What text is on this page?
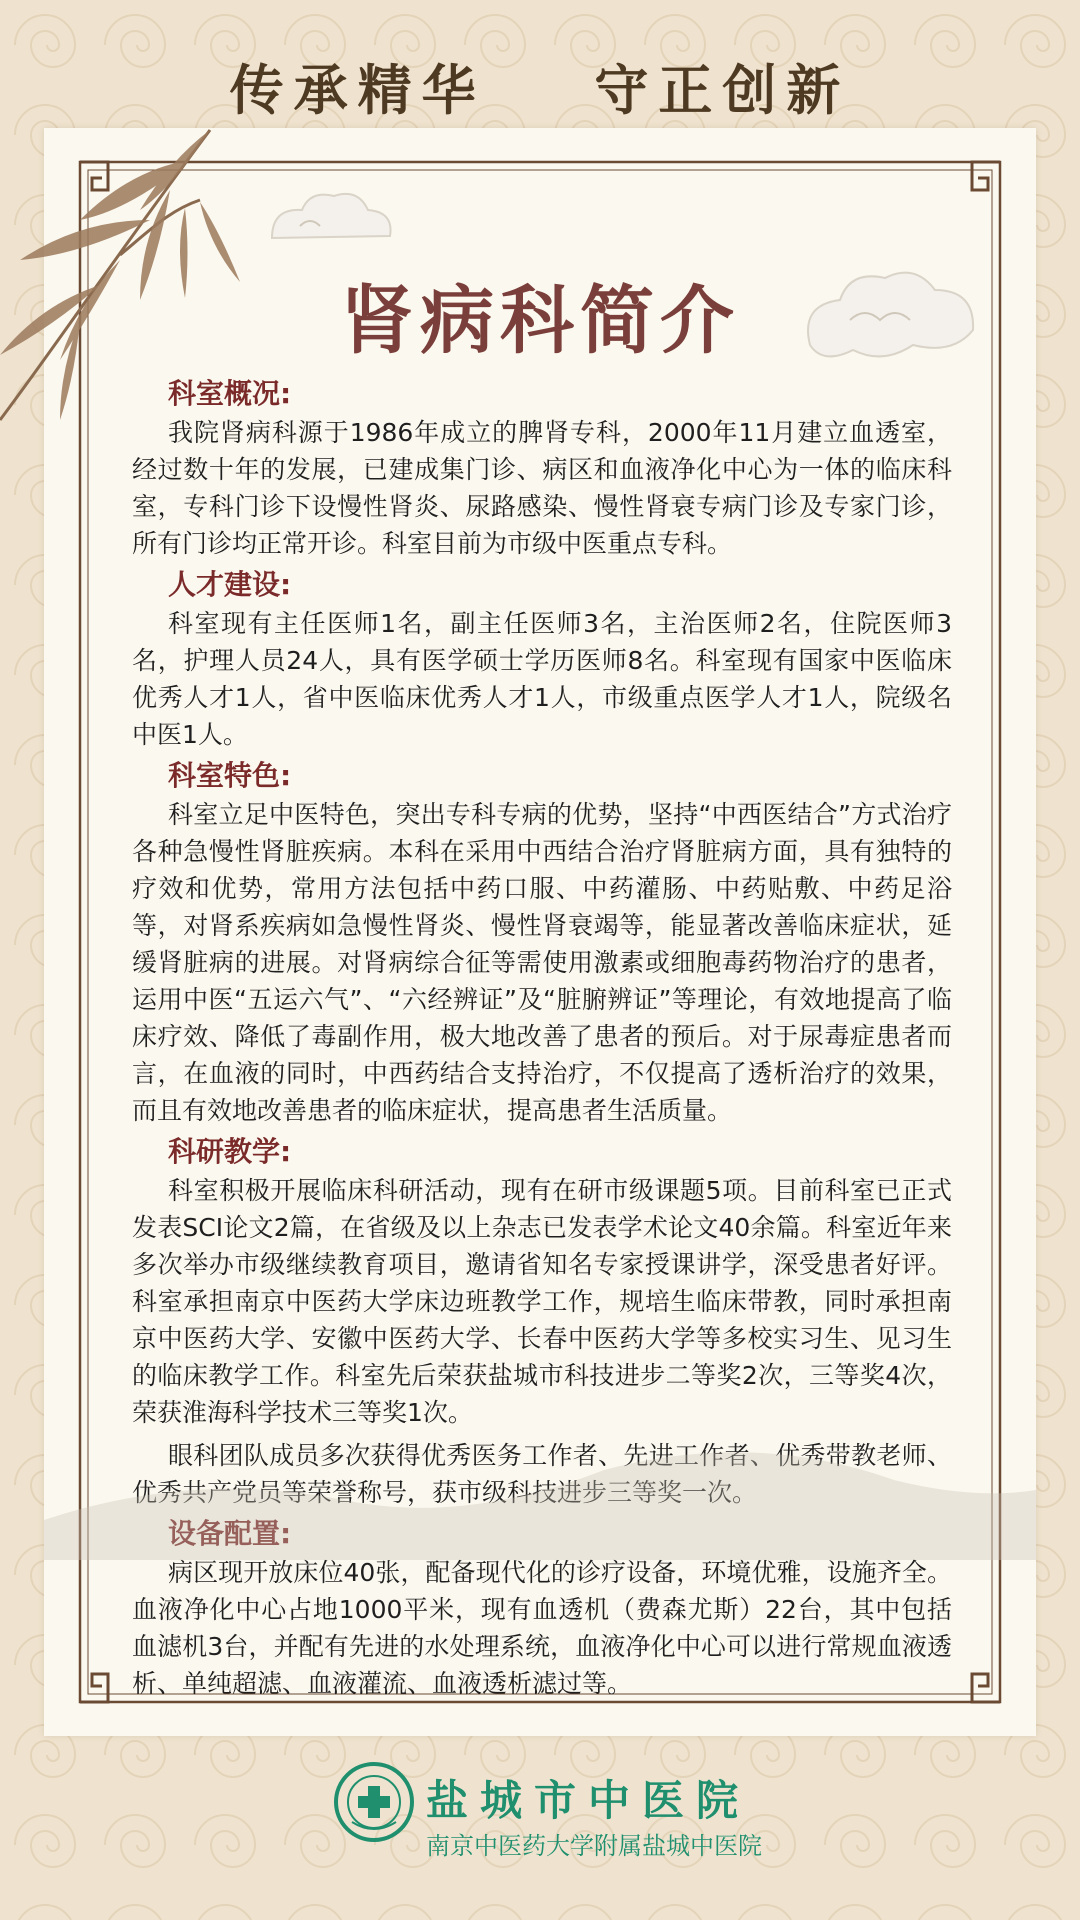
传承精华 守正创新
肾病科简介
科室概况:

我院肾病科源于1986年成立的脾肾专科，2000年11月建立血透室，经过数十年的发展，已建成集门诊、病区和血液净化中心为一体的临床科室，专科门诊下设慢性肾炎、尿路感染、慢性肾衰专病门诊及专家门诊，所有门诊均正常开诊。科室目前为市级中医重点专科。

人才建设:

科室现有主任医师1名，副主任医师3名，主治医师2名，住院医师3名，护理人员24人，具有医学硕士学历医师8名。科室现有国家中医临床优秀人才1人，省中医临床优秀人才1人，市级重点医学人才1人，院级名中医1人。

科室特色:

科室立足中医特色，突出专科专病的优势，坚持“中西医结合”方式治疗各种急慢性肾脏疾病。本科在采用中西结合治疗肾脏病方面，具有独特的疗效和优势，常用方法包括中药口服、中药灌肠、中药贴敷、中药足浴等，对肾系疾病如急慢性肾炎、慢性肾衰竭等，能显著改善临床症状，延缓肾脏病的进展。对肾病综合征等需使用激素或细胞毒药物治疗的患者，运用中医“五运六气”、“六经辨证”及“脏腑辨证”等理论，有效地提高了临床疗效、降低了毒副作用，极大地改善了患者的预后。对于尿毒症患者而言，在血液的同时，中西药结合支持治疗，不仅提高了透析治疗的效果，而且有效地改善患者的临床症状，提高患者生活质量。

科研教学:

科室积极开展临床科研活动，现有在研市级课题5项。目前科室已正式发表SCI论文2篇，在省级及以上杂志已发表学术论文40余篇。科室近年来多次举办市级继续教育项目，邀请省知名专家授课讲学，深受患者好评。科室承担南京中医药大学床边班教学工作，规培生临床带教，同时承担南京中医药大学、安徽中医药大学、长春中医药大学等多校实习生、见习生的临床教学工作。科室先后荣获盐城市科技进步二等奖2次，三等奖4次，荣获淮海科学技术三等奖1次。

眼科团队成员多次获得优秀医务工作者、先进工作者、优秀带教老师、优秀共产党员等荣誉称号，获市级科技进步三等奖一次。

设备配置:

病区现开放床位40张，配备现代化的诊疗设备，环境优雅，设施齐全。血液净化中心占地1000平米，现有血透机（费森尤斯）22台，其中包括血滤机3台，并配有先进的水处理系统，血液净化中心可以进行常规血液透析、单纯超滤、血液灌流、血液透析滤过等。

盐城市中医院
南京中医药大学附属盐城中医院
